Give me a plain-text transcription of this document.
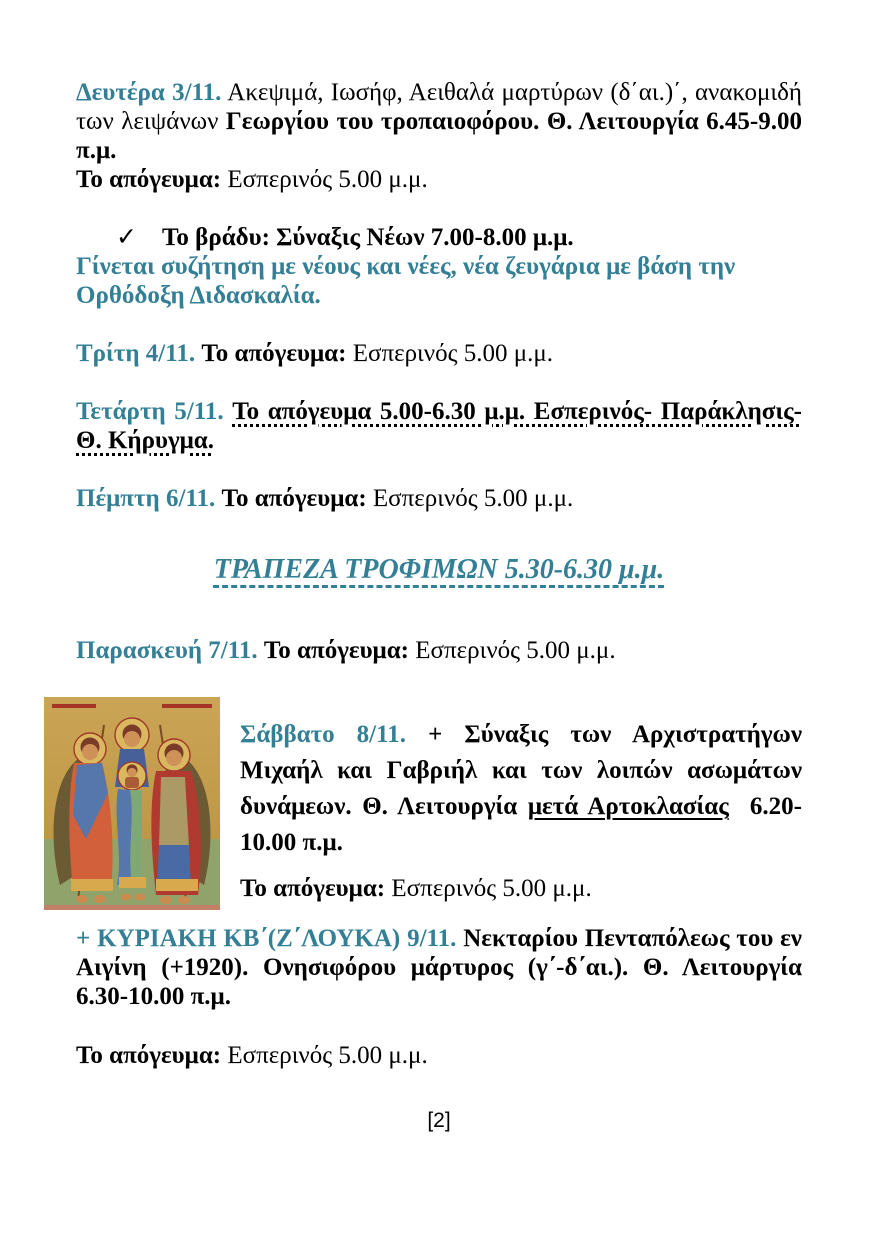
Δευτέρα 3/11. Ακεψιμά, Ιωσήφ, Αειθαλά μαρτύρων (δ΄αι.)΄, ανακομιδή των λειψάνων Γεωργίου του τροπαιοφόρου. Θ. Λειτουργία 6.45-9.00 π.μ.

Το απόγευμα: Εσπερινός 5.00 μ.μ.

✓ Το βράδυ: Σύναξις Νέων 7.00-8.00 μ.μ.

Γίνεται συζήτηση με νέους και νέες, νέα ζευγάρια με βάση την Ορθόδοξη Διδασκαλία.

Τρίτη 4/11. Το απόγευμα: Εσπερινός 5.00 μ.μ.

Τετάρτη 5/11. Το απόγευμα 5.00-6.30 μ.μ. Εσπερινός- Παράκλησις- Θ. Κήρυγμα.

Πέμπτη 6/11. Το απόγευμα: Εσπερινός 5.00 μ.μ.

ΤΡΑΠΕΖΑ ΤΡΟΦΙΜΩΝ 5.30-6.30 μ.μ.

Παρασκευή 7/11. Το απόγευμα: Εσπερινός 5.00 μ.μ.

Σάββατο 8/11. + Σύναξις των Αρχιστρατήγων Μιχαήλ και Γαβριήλ και των λοιπών ασωμάτων δυνάμεων. Θ. Λειτουργία μετά Αρτοκλασίας 6.20-10.00 π.μ.

Το απόγευμα: Εσπερινός 5.00 μ.μ.

+ ΚΥΡΙΑΚΗ ΚΒ΄(Ζ΄ΛΟΥΚΑ) 9/11. Νεκταρίου Πενταπόλεως του εν Αιγίνη (+1920). Ονησιφόρου μάρτυρος (γ΄-δ΄αι.). Θ. Λειτουργία 6.30-10.00 π.μ.

Το απόγευμα: Εσπερινός 5.00 μ.μ.

[2]
